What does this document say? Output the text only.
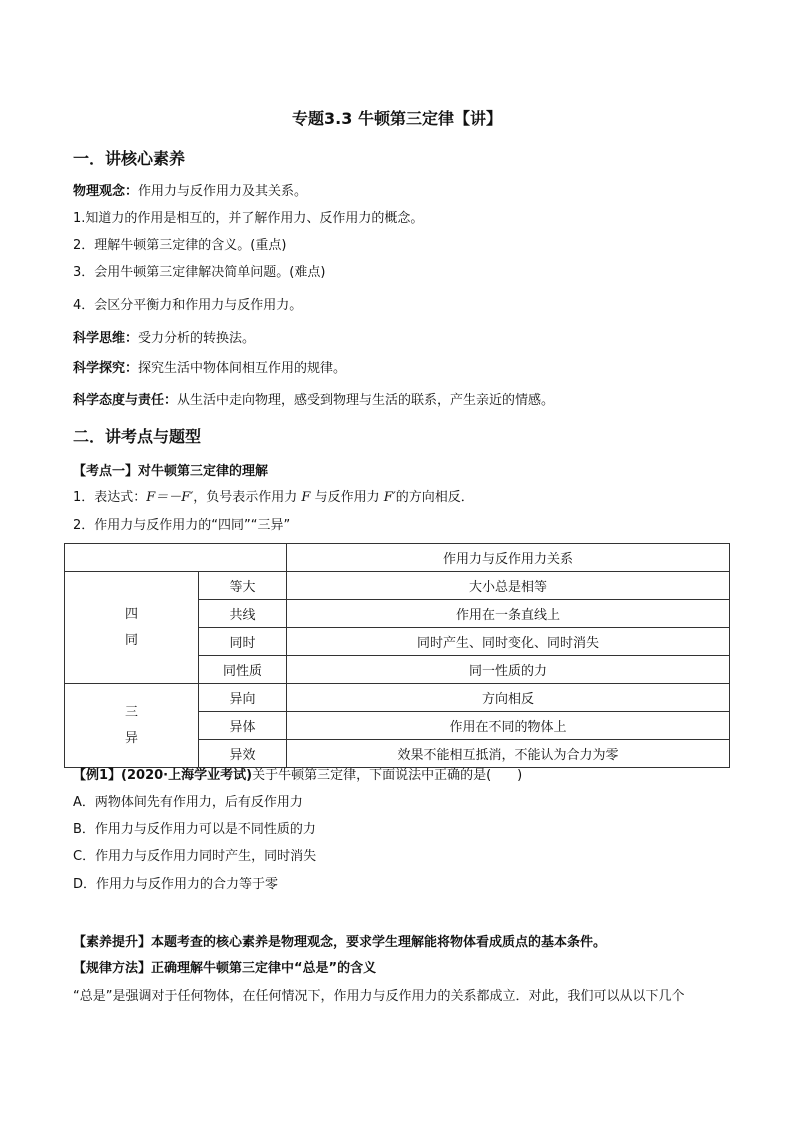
专题3.3 牛顿第三定律【讲】
一．讲核心素养
物理观念：作用力与反作用力及其关系。
1.知道力的作用是相互的，并了解作用力、反作用力的概念。
2．理解牛顿第三定律的含义。(重点)
3．会用牛顿第三定律解决简单问题。(难点)
4．会区分平衡力和作用力与反作用力。
科学思维：受力分析的转换法。
科学探究：探究生活中物体间相互作用的规律。
科学态度与责任：从生活中走向物理，感受到物理与生活的联系，产生亲近的情感。
二．讲考点与题型
【考点一】对牛顿第三定律的理解
1．表达式：F＝－F′，负号表示作用力 F 与反作用力 F′的方向相反．
2．作用力与反作用力的“四同”“三异”
		作用力与反作用力关系

四
同	等大	大小总是相等
	共线	作用在一条直线上
	同时	同时产生、同时变化、同时消失
	同性质	同一性质的力

三
异	异向	方向相反
	异体	作用在不同的物体上
	异效	效果不能相互抵消，不能认为合力为零
【例1】(2020·上海学业考试)关于牛顿第三定律，下面说法中正确的是(　　)
A．两物体间先有作用力，后有反作用力
B．作用力与反作用力可以是不同性质的力
C．作用力与反作用力同时产生，同时消失
D．作用力与反作用力的合力等于零
【素养提升】本题考查的核心素养是物理观念，要求学生理解能将物体看成质点的基本条件。
【规律方法】正确理解牛顿第三定律中“总是”的含义
“总是”是强调对于任何物体，在任何情况下，作用力与反作用力的关系都成立．对此，我们可以从以下几个
